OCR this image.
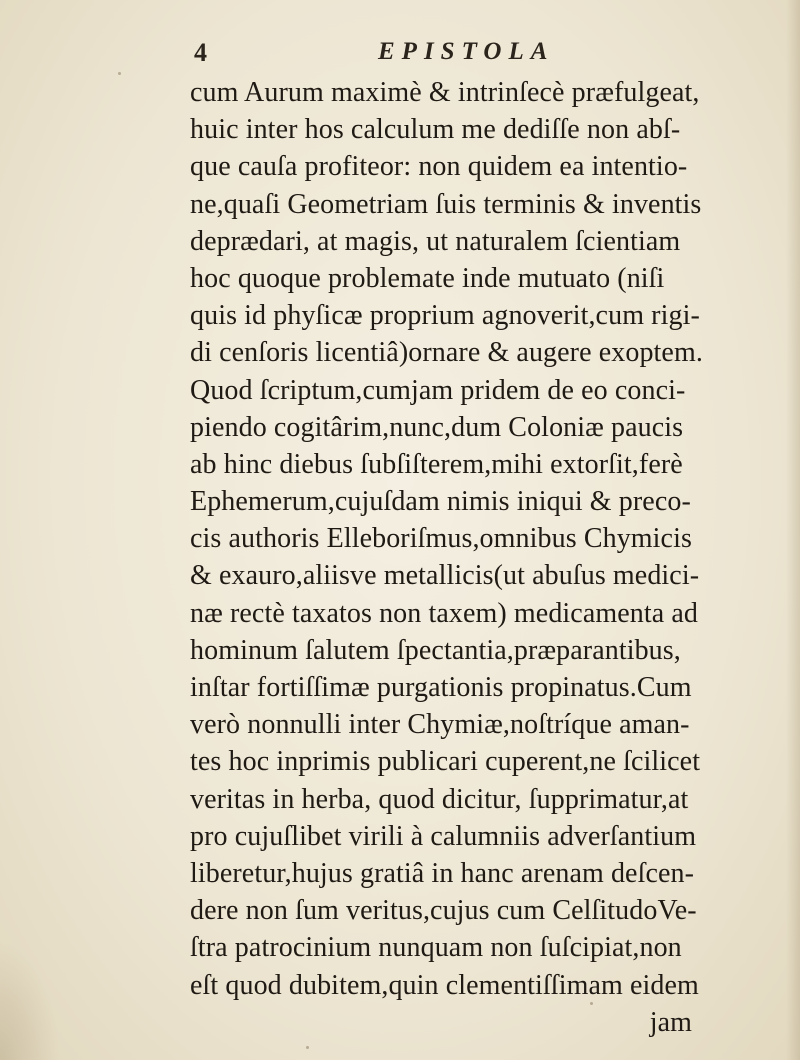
4	EPISTOLA
cum Aurum maximè & intrinſecè præfulgeat,
huic inter hos calculum me dediſſe non abſ-
que cauſa profiteor: non quidem ea intentio-
ne,quaſi Geometriam ſuis terminis & inventis
deprædari, at magis, ut naturalem ſcientiam
hoc quoque problemate inde mutuato (niſi
quis id phyſicæ proprium agnoverit,cum rigi-
di cenſoris licentiâ)ornare & augere exoptem.
Quod ſcriptum,cumjam pridem de eo conci-
piendo cogitârim,nunc,dum Coloniæ paucis
ab hinc diebus ſubſiſterem,mihi extorſit,ferè
Ephemerum,cujuſdam nimis iniqui & preco-
cis authoris Elleboriſmus,omnibus Chymicis
& exauro,aliisve metallicis(ut abuſus medici-
næ rectè taxatos non taxem) medicamenta ad
hominum ſalutem ſpectantia,præparantibus,
inſtar fortiſſimæ purgationis propinatus.Cum
verò nonnulli inter Chymiæ,noſtríque aman-
tes hoc inprimis publicari cuperent,ne ſcilicet
veritas in herba, quod dicitur, ſupprimatur,at
pro cujuſlibet virili à calumniis adverſantium
liberetur,hujus gratiâ in hanc arenam deſcen-
dere non ſum veritus,cujus cum CelſitudoVe-
ſtra patrocinium nunquam non ſuſcipiat,non
eſt quod dubitem,quin clementiſſimam eidem
jam
